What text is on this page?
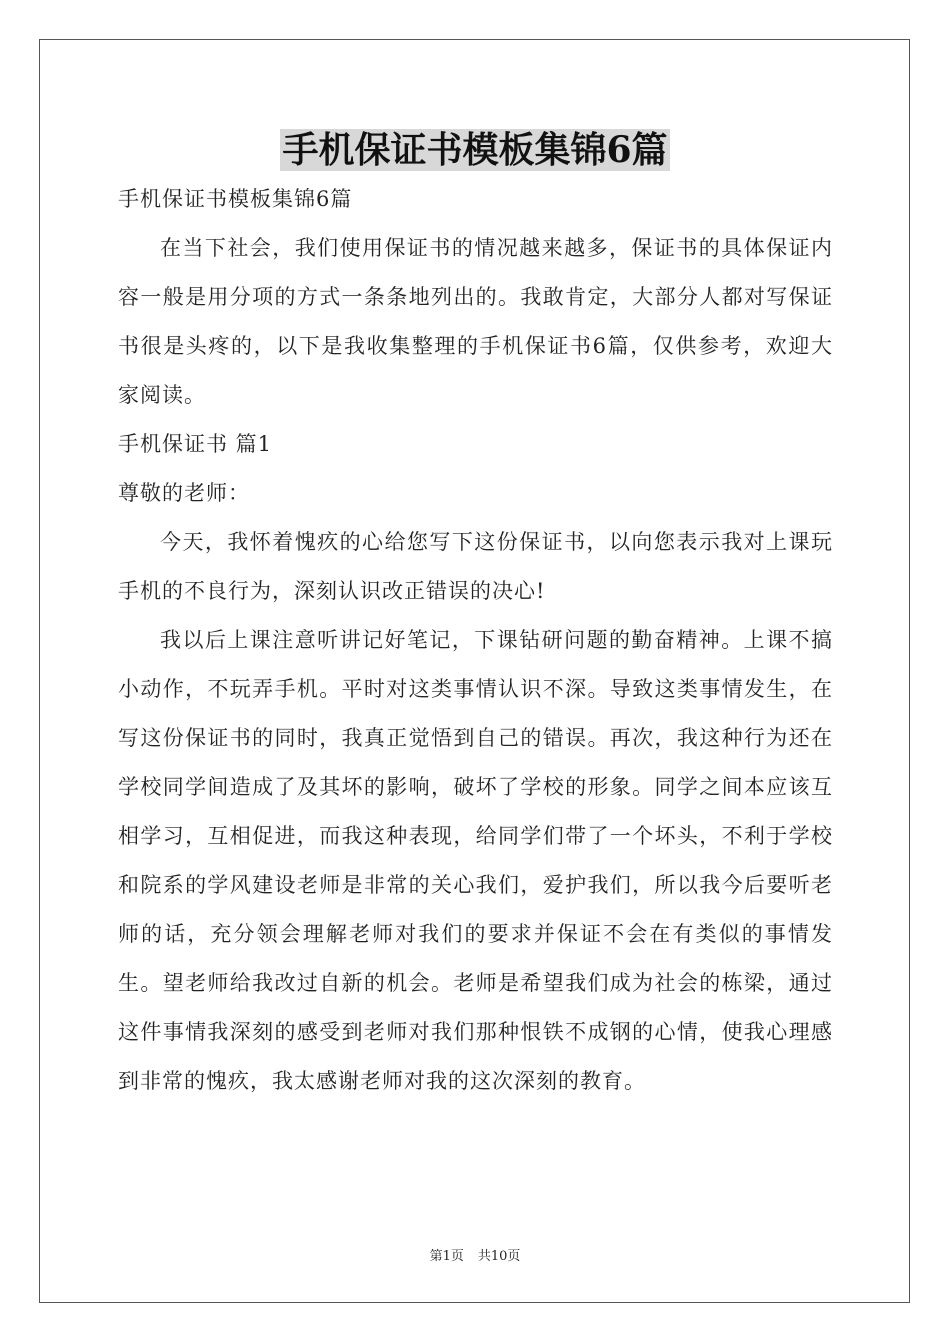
手机保证书模板集锦6篇

手机保证书模板集锦6篇

在当下社会，我们使用保证书的情况越来越多，保证书的具体保证内容一般是用分项的方式一条条地列出的。我敢肯定，大部分人都对写保证书很是头疼的，以下是我收集整理的手机保证书6篇，仅供参考，欢迎大家阅读。

手机保证书 篇1

尊敬的老师：

今天，我怀着愧疚的心给您写下这份保证书，以向您表示我对上课玩手机的不良行为，深刻认识改正错误的决心!

我以后上课注意听讲记好笔记，下课钻研问题的勤奋精神。上课不搞小动作，不玩弄手机。平时对这类事情认识不深。导致这类事情发生，在写这份保证书的同时，我真正觉悟到自己的错误。再次，我这种行为还在学校同学间造成了及其坏的影响，破坏了学校的形象。同学之间本应该互相学习，互相促进，而我这种表现，给同学们带了一个坏头，不利于学校和院系的学风建设老师是非常的关心我们，爱护我们，所以我今后要听老师的话，充分领会理解老师对我们的要求并保证不会在有类似的事情发生。望老师给我改过自新的机会。老师是希望我们成为社会的栋梁，通过这件事情我深刻的感受到老师对我们那种恨铁不成钢的心情，使我心理感到非常的愧疚，我太感谢老师对我的这次深刻的教育。

第1页 共10页
